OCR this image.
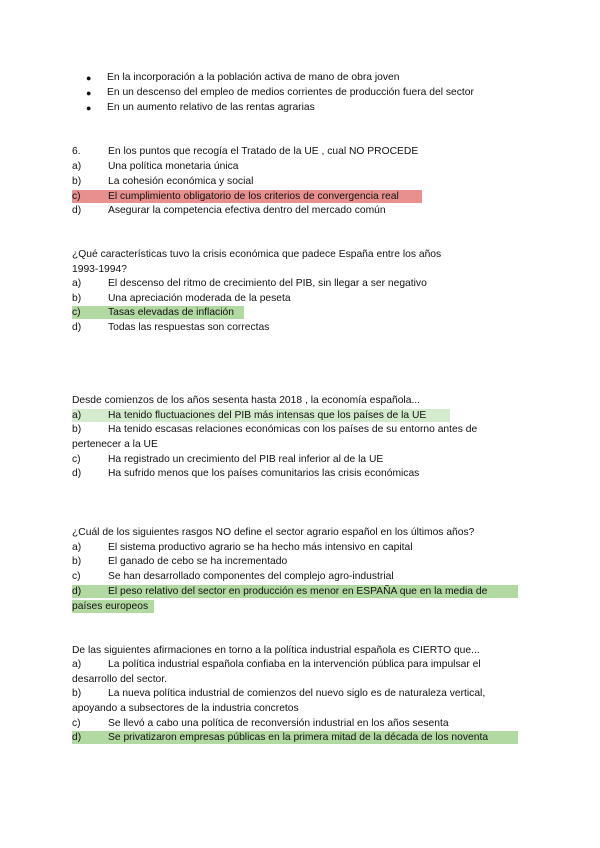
● En la incorporación a la población activa de mano de obra joven
● En un descenso del empleo de medios corrientes de producción fuera del sector
● En un aumento relativo de las rentas agrarias
6.	En los puntos que recogía el Tratado de la UE , cual NO PROCEDE
a)	Una política monetaria única
b)	La cohesión económica y social
c)	El cumplimiento obligatorio de los criterios de convergencia real
d)	Asegurar la competencia efectiva dentro del mercado común
¿Qué características tuvo la crisis económica que padece España entre los años
1993-1994?
a)	El descenso del ritmo de crecimiento del PIB, sin llegar a ser negativo
b)	Una apreciación moderada de la peseta
c)	Tasas elevadas de inflación
d)	Todas las respuestas son correctas
Desde comienzos de los años sesenta hasta 2018 , la economía española...
a)	Ha tenido fluctuaciones del PIB más intensas que los países de la UE
b)	Ha tenido escasas relaciones económicas con los países de su entorno antes de
pertenecer a la UE
c)	Ha registrado un crecimiento del PIB real inferior al de la UE
d)	Ha sufrido menos que los países comunitarios las crisis económicas
¿Cuál de los siguientes rasgos NO define el sector agrario español en los últimos años?
a)	El sistema productivo agrario se ha hecho más intensivo en capital
b)	El ganado de cebo se ha incrementado
c)	Se han desarrollado componentes del complejo agro-industrial
d)	El peso relativo del sector en producción es menor en ESPAÑA que en la media de
países europeos
De las siguientes afirmaciones en torno a la política industrial española es CIERTO que...
a)	La política industrial española confiaba en la intervención pública para impulsar el
desarrollo del sector.
b)	La nueva política industrial de comienzos del nuevo siglo es de naturaleza vertical,
apoyando a subsectores de la industria concretos
c)	Se llevó a cabo una política de reconversión industrial en los años sesenta
d)	Se privatizaron empresas públicas en la primera mitad de la década de los noventa
